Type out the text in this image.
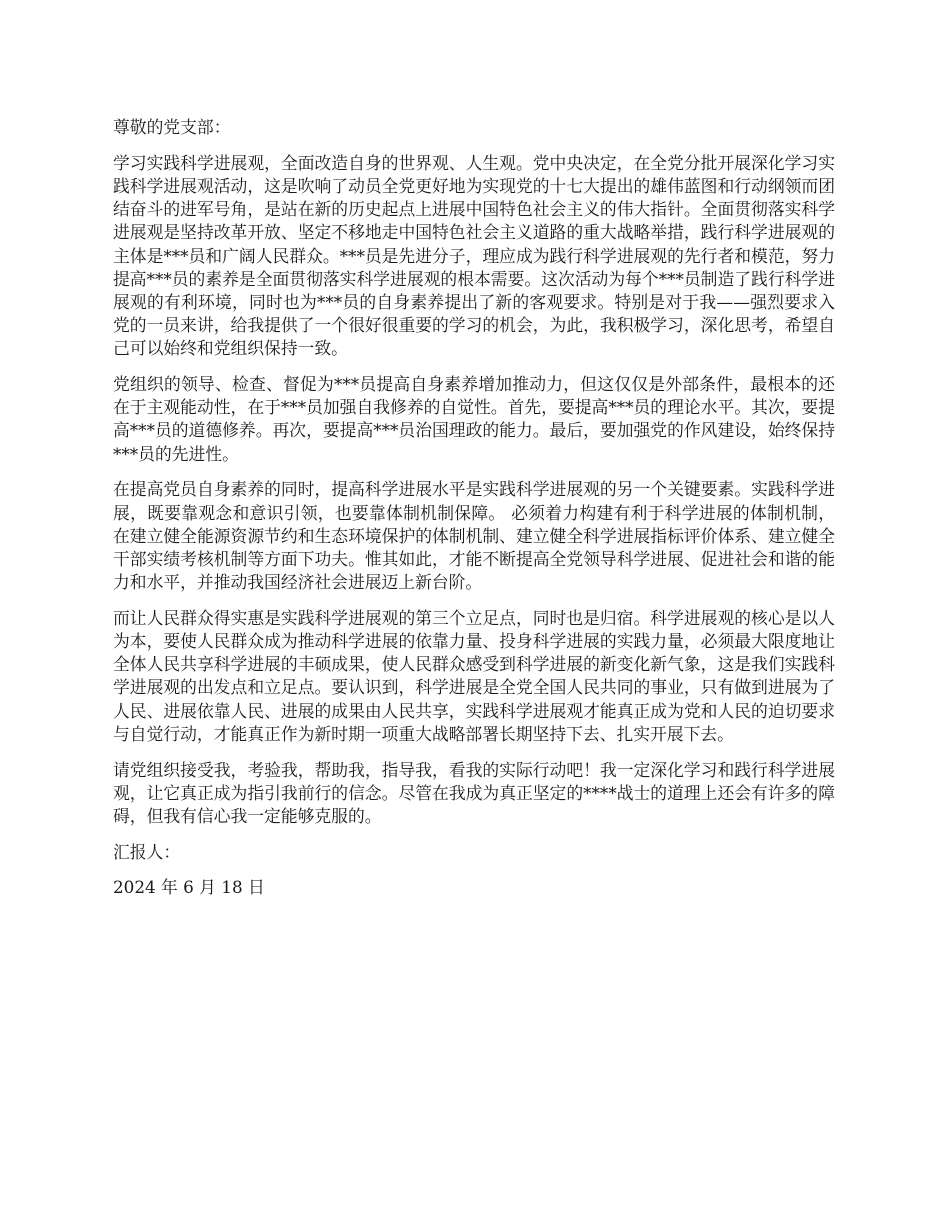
尊敬的党支部：

学习实践科学进展观，全面改造自身的世界观、人生观。党中央决定，在全党分批开展深化学习实践科学进展观活动，这是吹响了动员全党更好地为实现党的十七大提出的雄伟蓝图和行动纲领而团结奋斗的进军号角，是站在新的历史起点上进展中国特色社会主义的伟大指针。全面贯彻落实科学进展观是坚持改革开放、坚定不移地走中国特色社会主义道路的重大战略举措，践行科学进展观的主体是***员和广阔人民群众。***员是先进分子，理应成为践行科学进展观的先行者和模范，努力提高***员的素养是全面贯彻落实科学进展观的根本需要。这次活动为每个***员制造了践行科学进展观的有利环境，同时也为***员的自身素养提出了新的客观要求。特别是对于我——强烈要求入党的一员来讲，给我提供了一个很好很重要的学习的机会，为此，我积极学习，深化思考，希望自己可以始终和党组织保持一致。

党组织的领导、检查、督促为***员提高自身素养增加推动力，但这仅仅是外部条件，最根本的还在于主观能动性，在于***员加强自我修养的自觉性。首先，要提高***员的理论水平。其次，要提高***员的道德修养。再次，要提高***员治国理政的能力。最后，要加强党的作风建设，始终保持***员的先进性。

在提高党员自身素养的同时，提高科学进展水平是实践科学进展观的另一个关键要素。实践科学进展，既要靠观念和意识引领，也要靠体制机制保障。 必须着力构建有利于科学进展的体制机制，在建立健全能源资源节约和生态环境保护的体制机制、建立健全科学进展指标评价体系、建立健全干部实绩考核机制等方面下功夫。惟其如此，才能不断提高全党领导科学进展、促进社会和谐的能力和水平，并推动我国经济社会进展迈上新台阶。

而让人民群众得实惠是实践科学进展观的第三个立足点，同时也是归宿。科学进展观的核心是以人为本，要使人民群众成为推动科学进展的依靠力量、投身科学进展的实践力量，必须最大限度地让全体人民共享科学进展的丰硕成果，使人民群众感受到科学进展的新变化新气象，这是我们实践科学进展观的出发点和立足点。要认识到，科学进展是全党全国人民共同的事业，只有做到进展为了人民、进展依靠人民、进展的成果由人民共享，实践科学进展观才能真正成为党和人民的迫切要求与自觉行动，才能真正作为新时期一项重大战略部署长期坚持下去、扎实开展下去。

请党组织接受我，考验我，帮助我，指导我，看我的实际行动吧！我一定深化学习和践行科学进展观，让它真正成为指引我前行的信念。尽管在我成为真正坚定的****战士的道理上还会有许多的障碍，但我有信心我一定能够克服的。

汇报人：

2024 年 6 月 18 日
